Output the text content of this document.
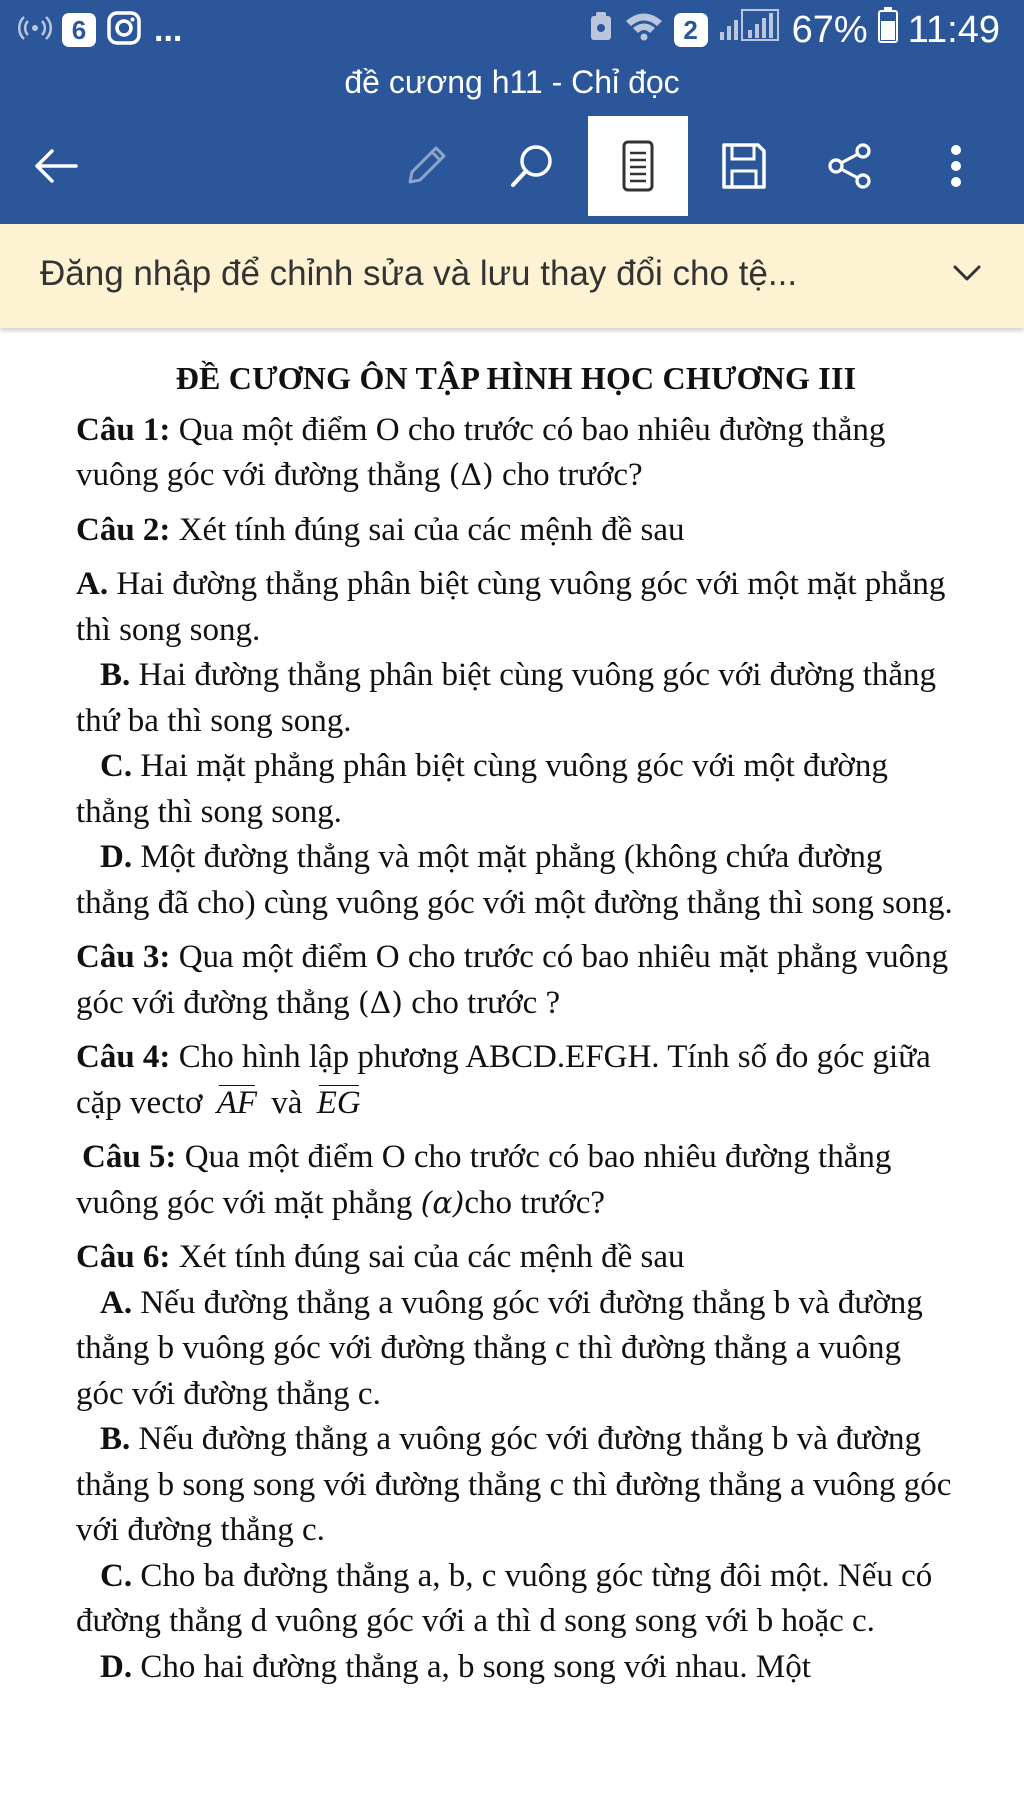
6 ...	2 67% 11:49
đề cương h11 - Chỉ đọc
Đăng nhập để chỉnh sửa và lưu thay đổi cho tệ...

ĐỀ CƯƠNG ÔN TẬP HÌNH HỌC CHƯƠNG III

Câu 1: Qua một điểm O cho trước có bao nhiêu đường thẳng vuông góc với đường thẳng (Δ) cho trước?

Câu 2: Xét tính đúng sai của các mệnh đề sau

A. Hai đường thẳng phân biệt cùng vuông góc với một mặt phẳng thì song song.

B. Hai đường thẳng phân biệt cùng vuông góc với đường thẳng thứ ba thì song song.

C. Hai mặt phẳng phân biệt cùng vuông góc với một đường thẳng thì song song.

D. Một đường thẳng và một mặt phẳng (không chứa đường thẳng đã cho) cùng vuông góc với một đường thẳng thì song song.

Câu 3: Qua một điểm O cho trước có bao nhiêu mặt phẳng vuông góc với đường thẳng (Δ) cho trước ?

Câu 4: Cho hình lập phương ABCD.EFGH. Tính số đo góc giữa cặp vectơ AF và EG

Câu 5: Qua một điểm O cho trước có bao nhiêu đường thẳng vuông góc với mặt phẳng (α)cho trước?

Câu 6: Xét tính đúng sai của các mệnh đề sau

A. Nếu đường thẳng a vuông góc với đường thẳng b và đường thẳng b vuông góc với đường thẳng c thì đường thẳng a vuông góc với đường thẳng c.

B. Nếu đường thẳng a vuông góc với đường thẳng b và đường thẳng b song song với đường thẳng c thì đường thẳng a vuông góc với đường thẳng c.

C. Cho ba đường thẳng a, b, c vuông góc từng đôi một. Nếu có đường thẳng d vuông góc với a thì d song song với b hoặc c.

D. Cho hai đường thẳng a, b song song với nhau. Một
